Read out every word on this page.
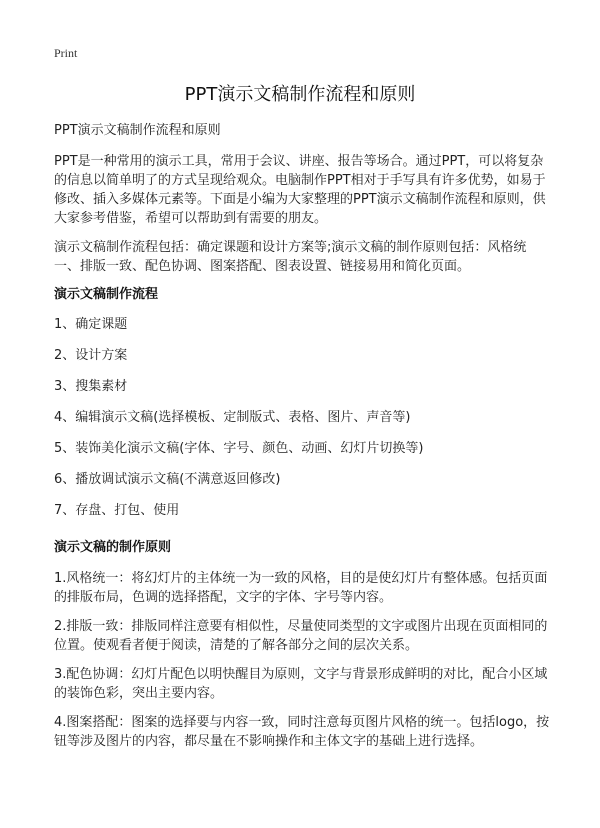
Print
PPT演示文稿制作流程和原则

PPT演示文稿制作流程和原则

PPT是一种常用的演示工具，常用于会议、讲座、报告等场合。通过PPT，可以将复杂的信息以简单明了的方式呈现给观众。电脑制作PPT相对于手写具有许多优势，如易于修改、插入多媒体元素等。下面是小编为大家整理的PPT演示文稿制作流程和原则，供大家参考借鉴，希望可以帮助到有需要的朋友。

演示文稿制作流程包括：确定课题和设计方案等;演示文稿的制作原则包括：风格统一、排版一致、配色协调、图案搭配、图表设置、链接易用和简化页面。

演示文稿制作流程
1、确定课题
2、设计方案
3、搜集素材
4、编辑演示文稿(选择模板、定制版式、表格、图片、声音等)
5、装饰美化演示文稿(字体、字号、颜色、动画、幻灯片切换等)
6、播放调试演示文稿(不满意返回修改)
7、存盘、打包、使用
演示文稿的制作原则

1.风格统一：将幻灯片的主体统一为一致的风格，目的是使幻灯片有整体感。包括页面的排版布局，色调的选择搭配，文字的字体、字号等内容。

2.排版一致：排版同样注意要有相似性，尽量使同类型的文字或图片出现在页面相同的位置。使观看者便于阅读，清楚的了解各部分之间的层次关系。

3.配色协调：幻灯片配色以明快醒目为原则，文字与背景形成鲜明的对比，配合小区域的装饰色彩，突出主要内容。

4.图案搭配：图案的选择要与内容一致，同时注意每页图片风格的统一。包括logo，按钮等涉及图片的内容，都尽量在不影响操作和主体文字的基础上进行选择。
